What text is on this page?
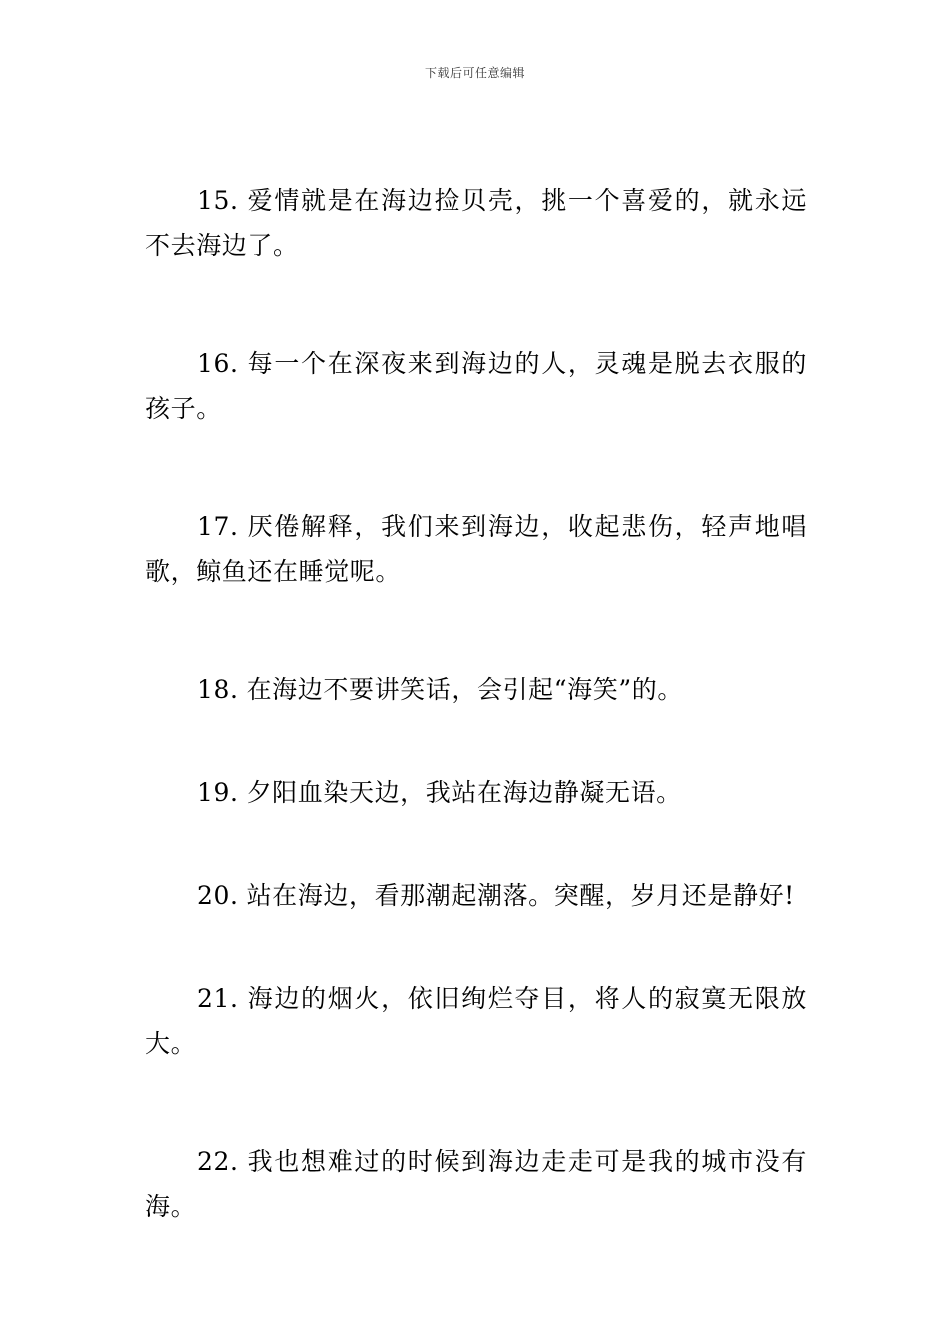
下载后可任意编辑

15. 爱情就是在海边捡贝壳，挑一个喜爱的，就永远不去海边了。

16. 每一个在深夜来到海边的人，灵魂是脱去衣服的孩子。

17. 厌倦解释，我们来到海边，收起悲伤，轻声地唱歌，鲸鱼还在睡觉呢。

18. 在海边不要讲笑话，会引起“海笑”的。

19. 夕阳血染天边，我站在海边静凝无语。

20. 站在海边，看那潮起潮落。突醒，岁月还是静好!

21. 海边的烟火，依旧绚烂夺目，将人的寂寞无限放大。

22. 我也想难过的时候到海边走走可是我的城市没有海。
